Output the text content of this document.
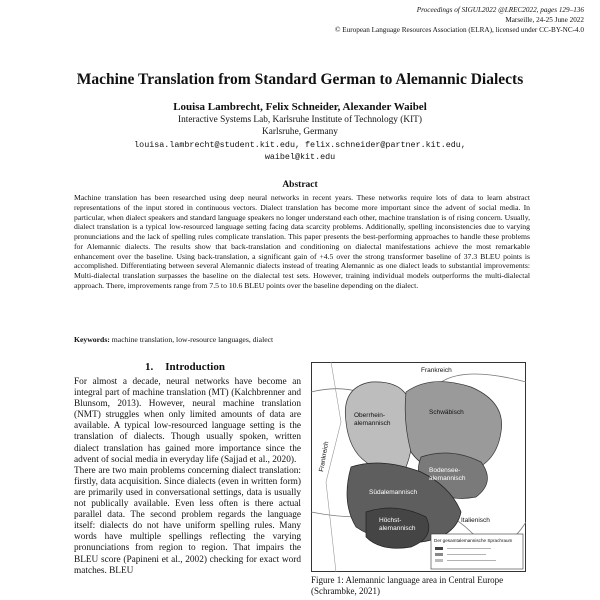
Proceedings of SIGUL2022 @LREC2022, pages 129–136
Marseille, 24-25 June 2022
© European Language Resources Association (ELRA), licensed under CC-BY-NC-4.0
Machine Translation from Standard German to Alemannic Dialects
Louisa Lambrecht, Felix Schneider, Alexander Waibel
Interactive Systems Lab, Karlsruhe Institute of Technology (KIT)
Karlsruhe, Germany
louisa.lambrecht@student.kit.edu, felix.schneider@partner.kit.edu,
waibel@kit.edu
Abstract
Machine translation has been researched using deep neural networks in recent years. These networks require lots of data to learn abstract representations of the input stored in continuous vectors. Dialect translation has become more important since the advent of social media. In particular, when dialect speakers and standard language speakers no longer understand each other, machine translation is of rising concern. Usually, dialect translation is a typical low-resourced language setting facing data scarcity problems. Additionally, spelling inconsistencies due to varying pronunciations and the lack of spelling rules complicate translation. This paper presents the best-performing approaches to handle these problems for Alemannic dialects. The results show that back-translation and conditioning on dialectal manifestations achieve the most remarkable enhancement over the baseline. Using back-translation, a significant gain of +4.5 over the strong transformer baseline of 37.3 BLEU points is accomplished. Differentiating between several Alemannic dialects instead of treating Alemannic as one dialect leads to substantial improvements: Multi-dialectal translation surpasses the baseline on the dialectal test sets. However, training individual models outperforms the multi-dialectal approach. There, improvements range from 7.5 to 10.6 BLEU points over the baseline depending on the dialect.
Keywords: machine translation, low-resource languages, dialect
1. Introduction

For almost a decade, neural networks have become an integral part of machine translation (MT) (Kalchbrenner and Blunsom, 2013). However, neural machine translation (NMT) struggles when only limited amounts of data are available. A typical low-resourced language setting is the translation of dialects. Though usually spoken, written dialect translation has gained more importance since the advent of social media in everyday life (Sajjad et al., 2020).

There are two main problems concerning dialect translation: firstly, data acquisition. Since dialects (even in written form) are primarily used in conversational settings, data is usually not publically available. Even less often is there actual parallel data. The second problem regards the language itself: dialects do not have uniform spelling rules. Many words have multiple spellings reflecting the varying pronunciations from region to region. That impairs the BLEU score (Papineni et al., 2002) checking for exact word matches. BLEU

Frankreich
Oberrhein-
alemannisch
Schwäbisch
Bodensee-
alemannisch
Südalemannisch
Höchst-
alemannisch
Italienisch
Frankreich
Der gesamtalemannische Sprachraum
Figure 1: Alemannic language area in Central Europe (Schrambke, 2021)
